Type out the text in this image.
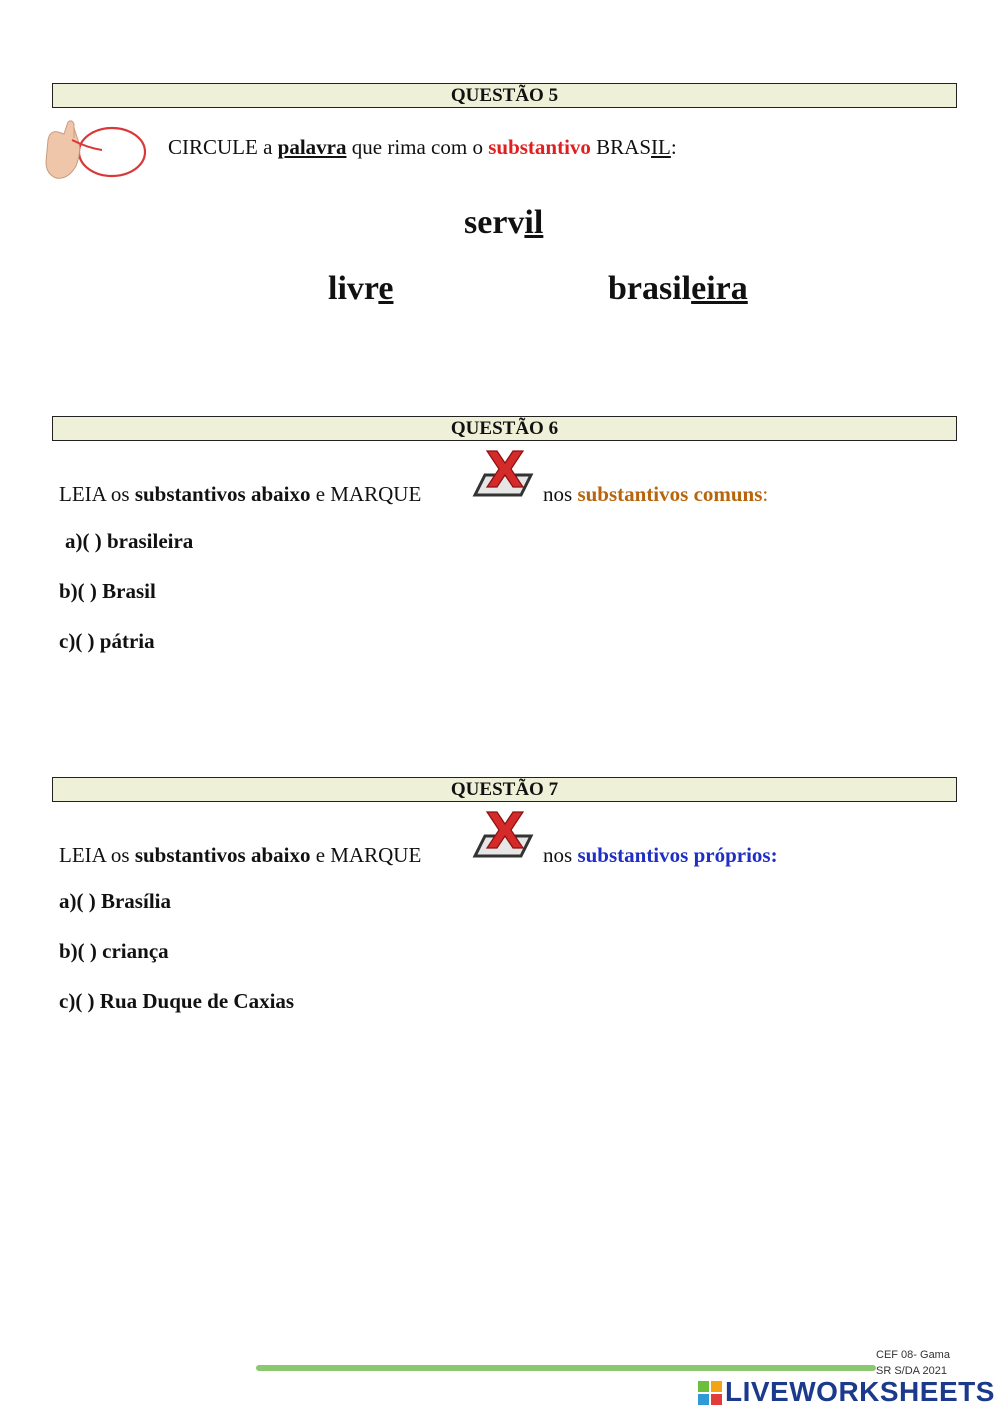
QUESTÃO 5
CIRCULE a palavra que rima com o substantivo BRASIL:
servil
livre	brasileira
QUESTÃO 6
LEIA os substantivos abaixo e MARQUE	nos substantivos comuns:
a)( ) brasileira
b)( ) Brasil
c)( ) pátria
QUESTÃO 7
LEIA os substantivos abaixo e MARQUE	nos substantivos próprios:
a)( ) Brasília
b)( ) criança
c)( ) Rua Duque de Caxias
CEF 08- Gama
SR S/DA 2021
LIVEWORKSHEETS
